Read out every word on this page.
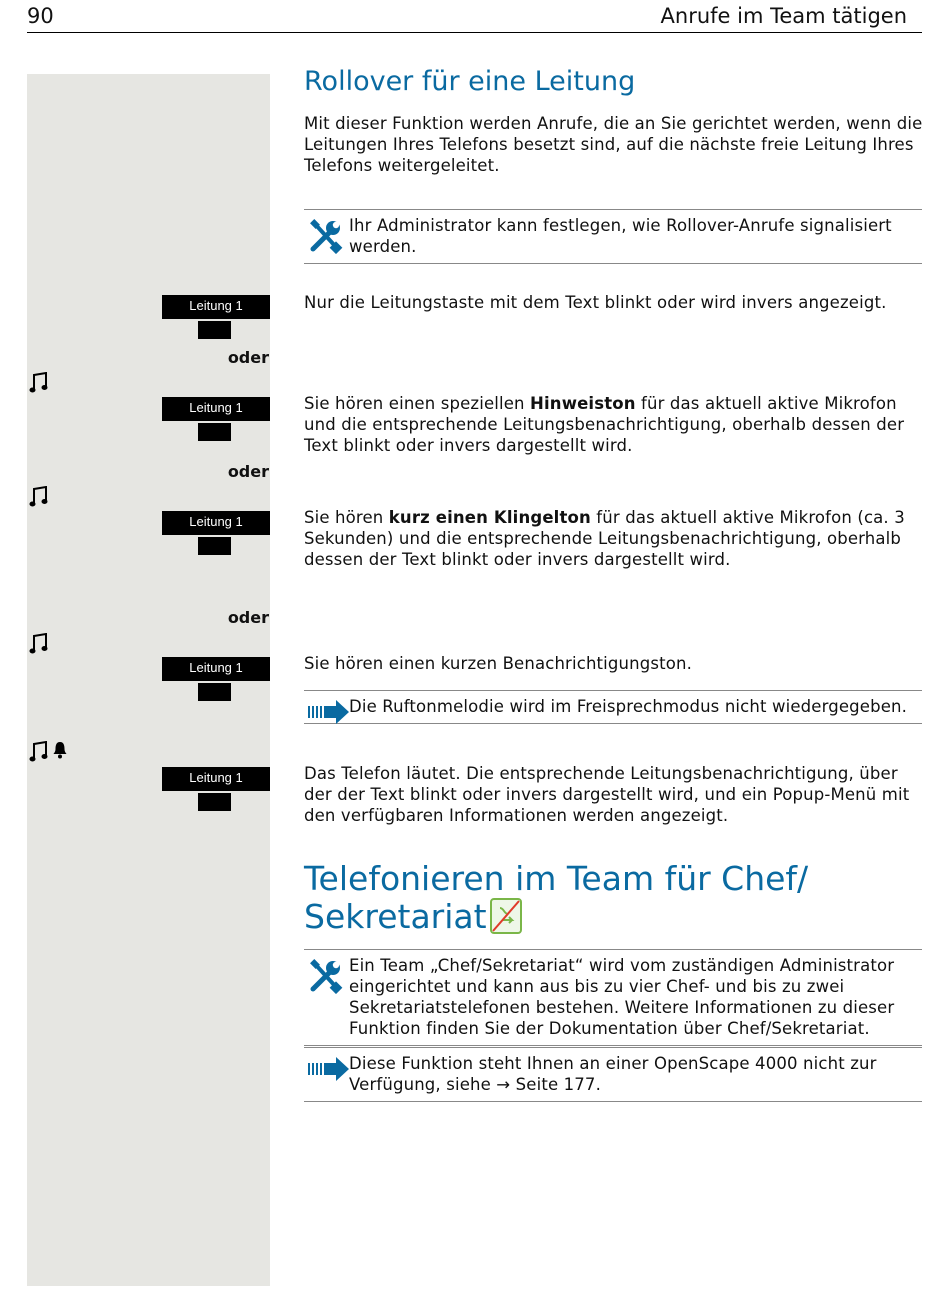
90	Anrufe im Team tätigen
Rollover für eine Leitung

Mit dieser Funktion werden Anrufe, die an Sie gerichtet werden, wenn die Leitungen Ihres Telefons besetzt sind, auf die nächste freie Leitung Ihres Telefons weitergeleitet.

Ihr Administrator kann festlegen, wie Rollover-Anrufe signalisiert werden.
Leitung 1	Nur die Leitungstaste mit dem Text blinkt oder wird invers angezeigt.

oder
Leitung 1	Sie hören einen speziellen Hinweiston für das aktuell aktive Mikrofon und die entsprechende Leitungsbenachrichtigung, oberhalb dessen der Text blinkt oder invers dargestellt wird.

oder
Leitung 1	Sie hören kurz einen Klingelton für das aktuell aktive Mikrofon (ca. 3 Sekunden) und die entsprechende Leitungsbenachrichtigung, oberhalb dessen der Text blinkt oder invers dargestellt wird.

oder
Leitung 1	Sie hören einen kurzen Benachrichtigungston.

Die Ruftonmelodie wird im Freisprechmodus nicht wiedergegeben.
Leitung 1	Das Telefon läutet. Die entsprechende Leitungsbenachrichtigung, über der der Text blinkt oder invers dargestellt wird, und ein Popup-Menü mit den verfügbaren Informationen werden angezeigt.

Telefonieren im Team für Chef/
Sekretariat
Ein Team „Chef/Sekretariat“ wird vom zuständigen Administrator eingerichtet und kann aus bis zu vier Chef- und bis zu zwei Sekretariatstelefonen bestehen. Weitere Informationen zu dieser Funktion finden Sie der Dokumentation über Chef/Sekretariat.
Diese Funktion steht Ihnen an einer OpenScape 4000 nicht zur Verfügung, siehe → Seite 177.
